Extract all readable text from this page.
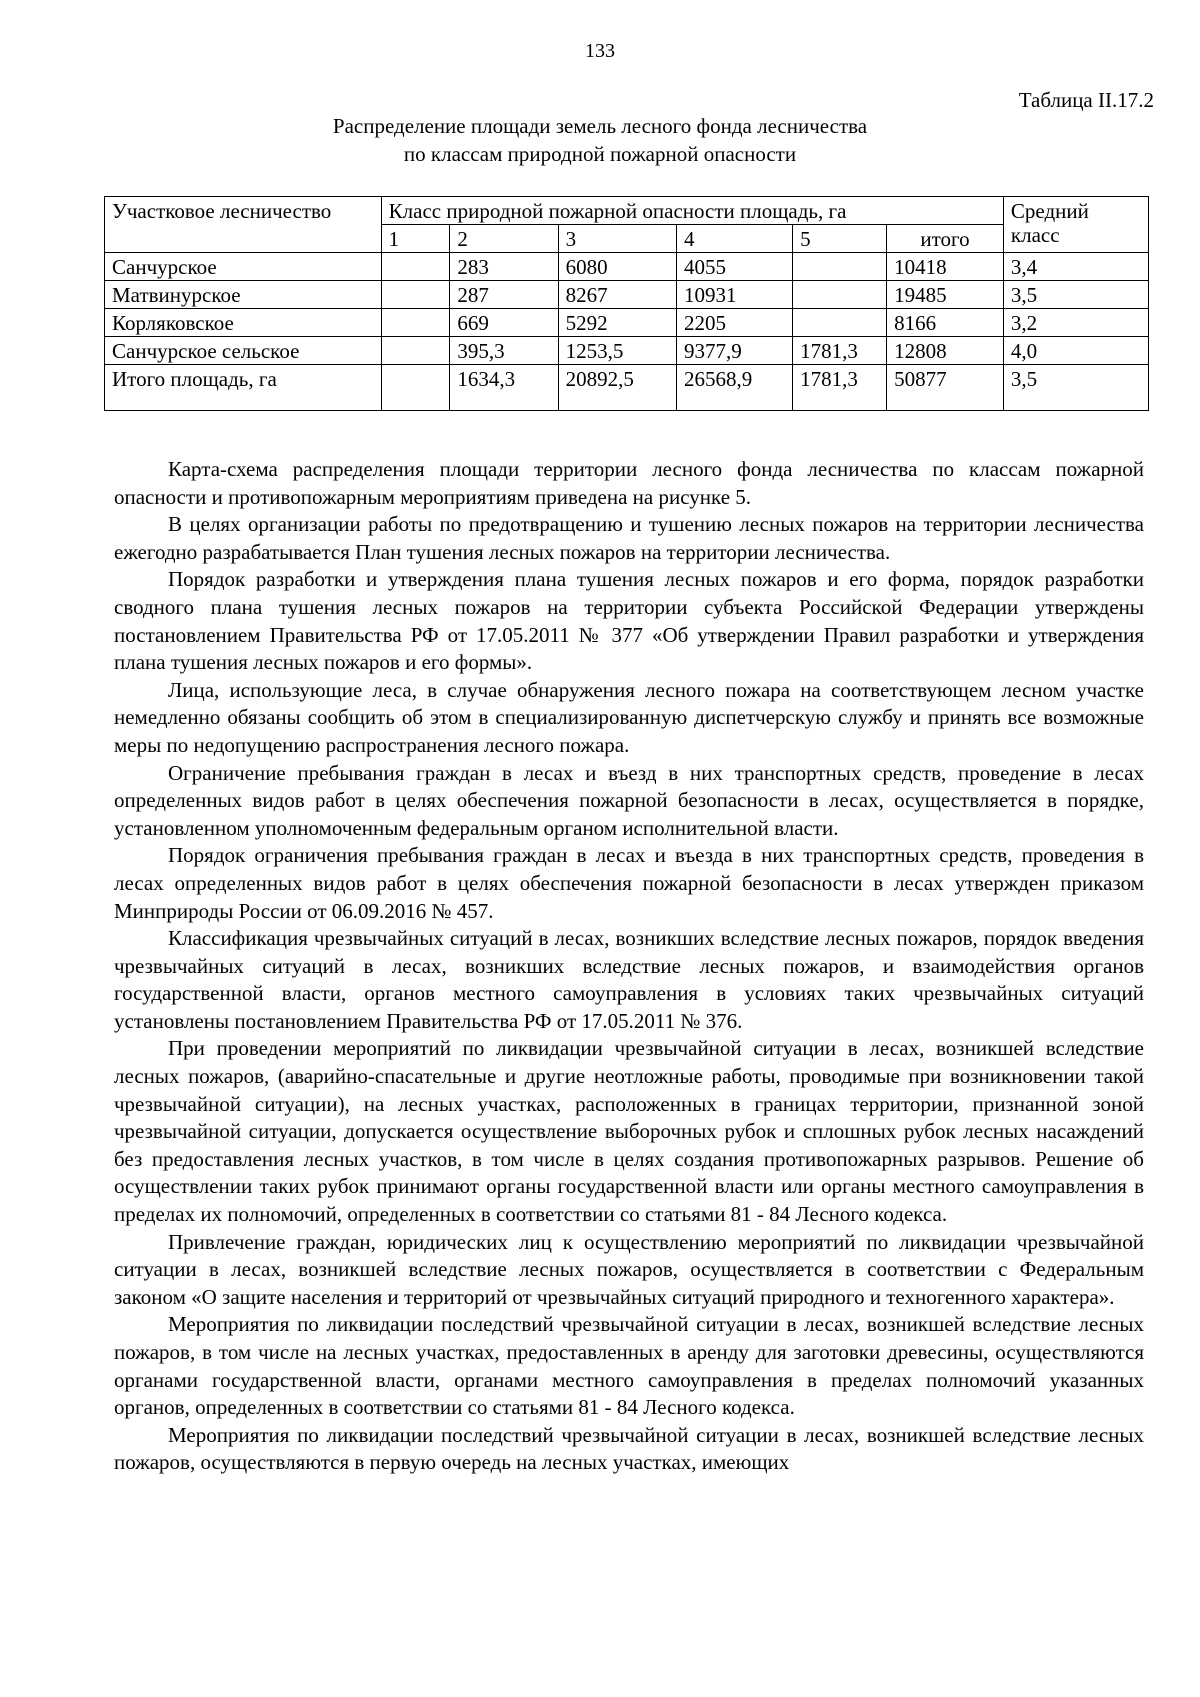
133
Таблица II.17.2
Распределение площади земель лесного фонда лесничества
по классам природной пожарной опасности
Участковое лесничество	Класс природной пожарной опасности площадь, га						Средний
класс
	1	2	3	4	5	итого	
Санчурское		283	6080	4055		10418	3,4
Матвинурское		287	8267	10931		19485	3,5
Корляковское		669	5292	2205		8166	3,2
Санчурское сельское		395,3	1253,5	9377,9	1781,3	12808	4,0
Итого площадь, га		1634,3	20892,5	26568,9	1781,3	50877	3,5

Карта-схема распределения площади территории лесного фонда лесничества по классам пожарной опасности и противопожарным мероприятиям приведена на рисунке 5.

В целях организации работы по предотвращению и тушению лесных пожаров на территории лесничества ежегодно разрабатывается План тушения лесных пожаров на территории лесничества.

Порядок разработки и утверждения плана тушения лесных пожаров и его форма, порядок разработки сводного плана тушения лесных пожаров на территории субъекта Российской Федерации утверждены постановлением Правительства РФ от 17.05.2011 № 377 «Об утверждении Правил разработки и утверждения плана тушения лесных пожаров и его формы».

Лица, использующие леса, в случае обнаружения лесного пожара на соответствующем лесном участке немедленно обязаны сообщить об этом в специализированную диспетчерскую службу и принять все возможные меры по недопущению распространения лесного пожара.

Ограничение пребывания граждан в лесах и въезд в них транспортных средств, проведение в лесах определенных видов работ в целях обеспечения пожарной безопасности в лесах, осуществляется в порядке, установленном уполномоченным федеральным органом исполнительной власти.

Порядок ограничения пребывания граждан в лесах и въезда в них транспортных средств, проведения в лесах определенных видов работ в целях обеспечения пожарной безопасности в лесах утвержден приказом Минприроды России от 06.09.2016 № 457.

Классификация чрезвычайных ситуаций в лесах, возникших вследствие лесных пожаров, порядок введения чрезвычайных ситуаций в лесах, возникших вследствие лесных пожаров, и взаимодействия органов государственной власти, органов местного самоуправления в условиях таких чрезвычайных ситуаций установлены постановлением Правительства РФ от 17.05.2011 № 376.

При проведении мероприятий по ликвидации чрезвычайной ситуации в лесах, возникшей вследствие лесных пожаров, (аварийно-спасательные и другие неотложные работы, проводимые при возникновении такой чрезвычайной ситуации), на лесных участках, расположенных в границах территории, признанной зоной чрезвычайной ситуации, допускается осуществление выборочных рубок и сплошных рубок лесных насаждений без предоставления лесных участков, в том числе в целях создания противопожарных разрывов. Решение об осуществлении таких рубок принимают органы государственной власти или органы местного самоуправления в пределах их полномочий, определенных в соответствии со статьями 81 - 84 Лесного кодекса.

Привлечение граждан, юридических лиц к осуществлению мероприятий по ликвидации чрезвычайной ситуации в лесах, возникшей вследствие лесных пожаров, осуществляется в соответствии с Федеральным законом «О защите населения и территорий от чрезвычайных ситуаций природного и техногенного характера».

Мероприятия по ликвидации последствий чрезвычайной ситуации в лесах, возникшей вследствие лесных пожаров, в том числе на лесных участках, предоставленных в аренду для заготовки древесины, осуществляются органами государственной власти, органами местного самоуправления в пределах полномочий указанных органов, определенных в соответствии со статьями 81 - 84 Лесного кодекса.

Мероприятия по ликвидации последствий чрезвычайной ситуации в лесах, возникшей вследствие лесных пожаров, осуществляются в первую очередь на лесных участках, имеющих
